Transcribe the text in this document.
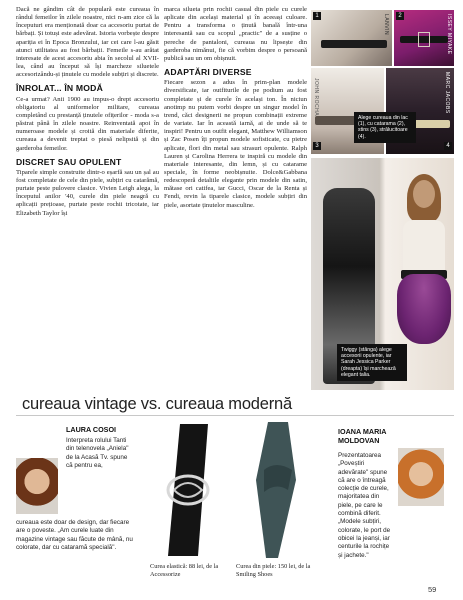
Dacă ne gândim cât de populară este cureaua în rândul femeilor în zilele noastre, nici n-am zice că la începuturi era menționată doar ca accesoriu purtat de bărbați. Și totuși este adevărat. Istoria vorbește despre apariția ei în Epoca Bronzului, iar cei care l-au găsit atunci utilitatea au fost bărbații. Femeile s-au arătat interesate de acest accesoriu abia în secolul al XVII-lea, când au început să își marcheze siluetele accesorizându-și ținutele cu modele subțiri și discrete.

ÎNROLAT... ÎN MODĂ

Ce-a urmat? Anii 1900 au impus-o drept accesoriu obligatoriu al uniformelor militare, cureaua completând cu prestanță ținutele ofițerilor - moda s-a păstrat până în zilele noastre. Reinventată apoi în numeroase modele și croită din materiale diferite, cureaua a devenit treptat o piesă nelipsită și din garderoba femeilor.

DISCRET SAU OPULENT

Tiparele simple construite dintr-o eșarfă sau un șal au fost completate de cele din piele, subțiri cu catarămă, purtate peste pulovere clasice. Vivien Leigh alega, la începutul anilor '40, curele din piele neagră cu aplicații prețioase, purtate peste rochii tricotate, iar Elizabeth Taylor își

marca silueta prin rochii casual din piele cu curele aplicate din același material și în aceeași culoare. Pentru a transforma o ținută banală într-una interesantă sau cu scopul „practic" de a susține o pereche de pantaloni, cureaua nu lipsește din garderoba nimănui, fie că vorbim despre o persoană publică sau un om obișnuit.

ADAPTĂRI DIVERSE

Fiecare sezon a adus în prim-plan modele diversificate, iar outfiturile de pe podium au fost completate și de curele în același ton. În niciun anotimp nu putem vorbi despre un singur model în trend, căci designerii ne propun combinații extreme de variate. Iar în această iarnă, ai de unde să te inspiri! Pentru un outfit elegant, Matthew Williamson și Zac Posen îți propun modele sofisticate, cu pietre aplicate, flori din metal sau strasuri opulente. Ralph Lauren și Carolina Herrera te inspiră cu modele din materiale interesante, din lemn, și cu catarame speciale, în forme neobișnuite. Dolce&Gabbana redescoperă detaliile elegante prin modele din satin, mătase ori catifea, iar Gucci, Oscar de la Renta și Fendi, revin la tiparele clasice, modele subțiri din piele, asortate ținutelor masculine.

1	LANVIN	2	ISSEY MIYAKE
3
JOHN ROCHA
4
MARC JACOBS
Alege cureaua din lac (1), cu catarama (2), stins (3), strălucitoare (4).
Twiggy (stânga) alege accesorii opulente, iar Sarah Jessica Parker (dreapta) își marchează elegant talia.
cureaua vintage vs. cureaua modernă
LAURA COSOI
Interpreta rolului Tanti din telenovela „Aniela" de la Acasă Tv. spune că pentru ea,
cureaua este doar de design, dar fiecare are o poveste. „Am curele luate din magazine vintage sau făcute de mână, nu colorate, dar cu cataramă specială".
Curea elastică: 88 lei, de la Accessorize
Curea din piele: 150 lei, de la Smiling Shoes
IOANA MARIA MOLDOVAN
Prezentatoarea „Poveștiri adevărate" spune că are o întreagă colecție de curele, majoritatea din piele, pe care le combină diferit. „Modele subțiri, colorate, le port de obicei la jeanși, iar centurile la rochițe și jachete."
59
